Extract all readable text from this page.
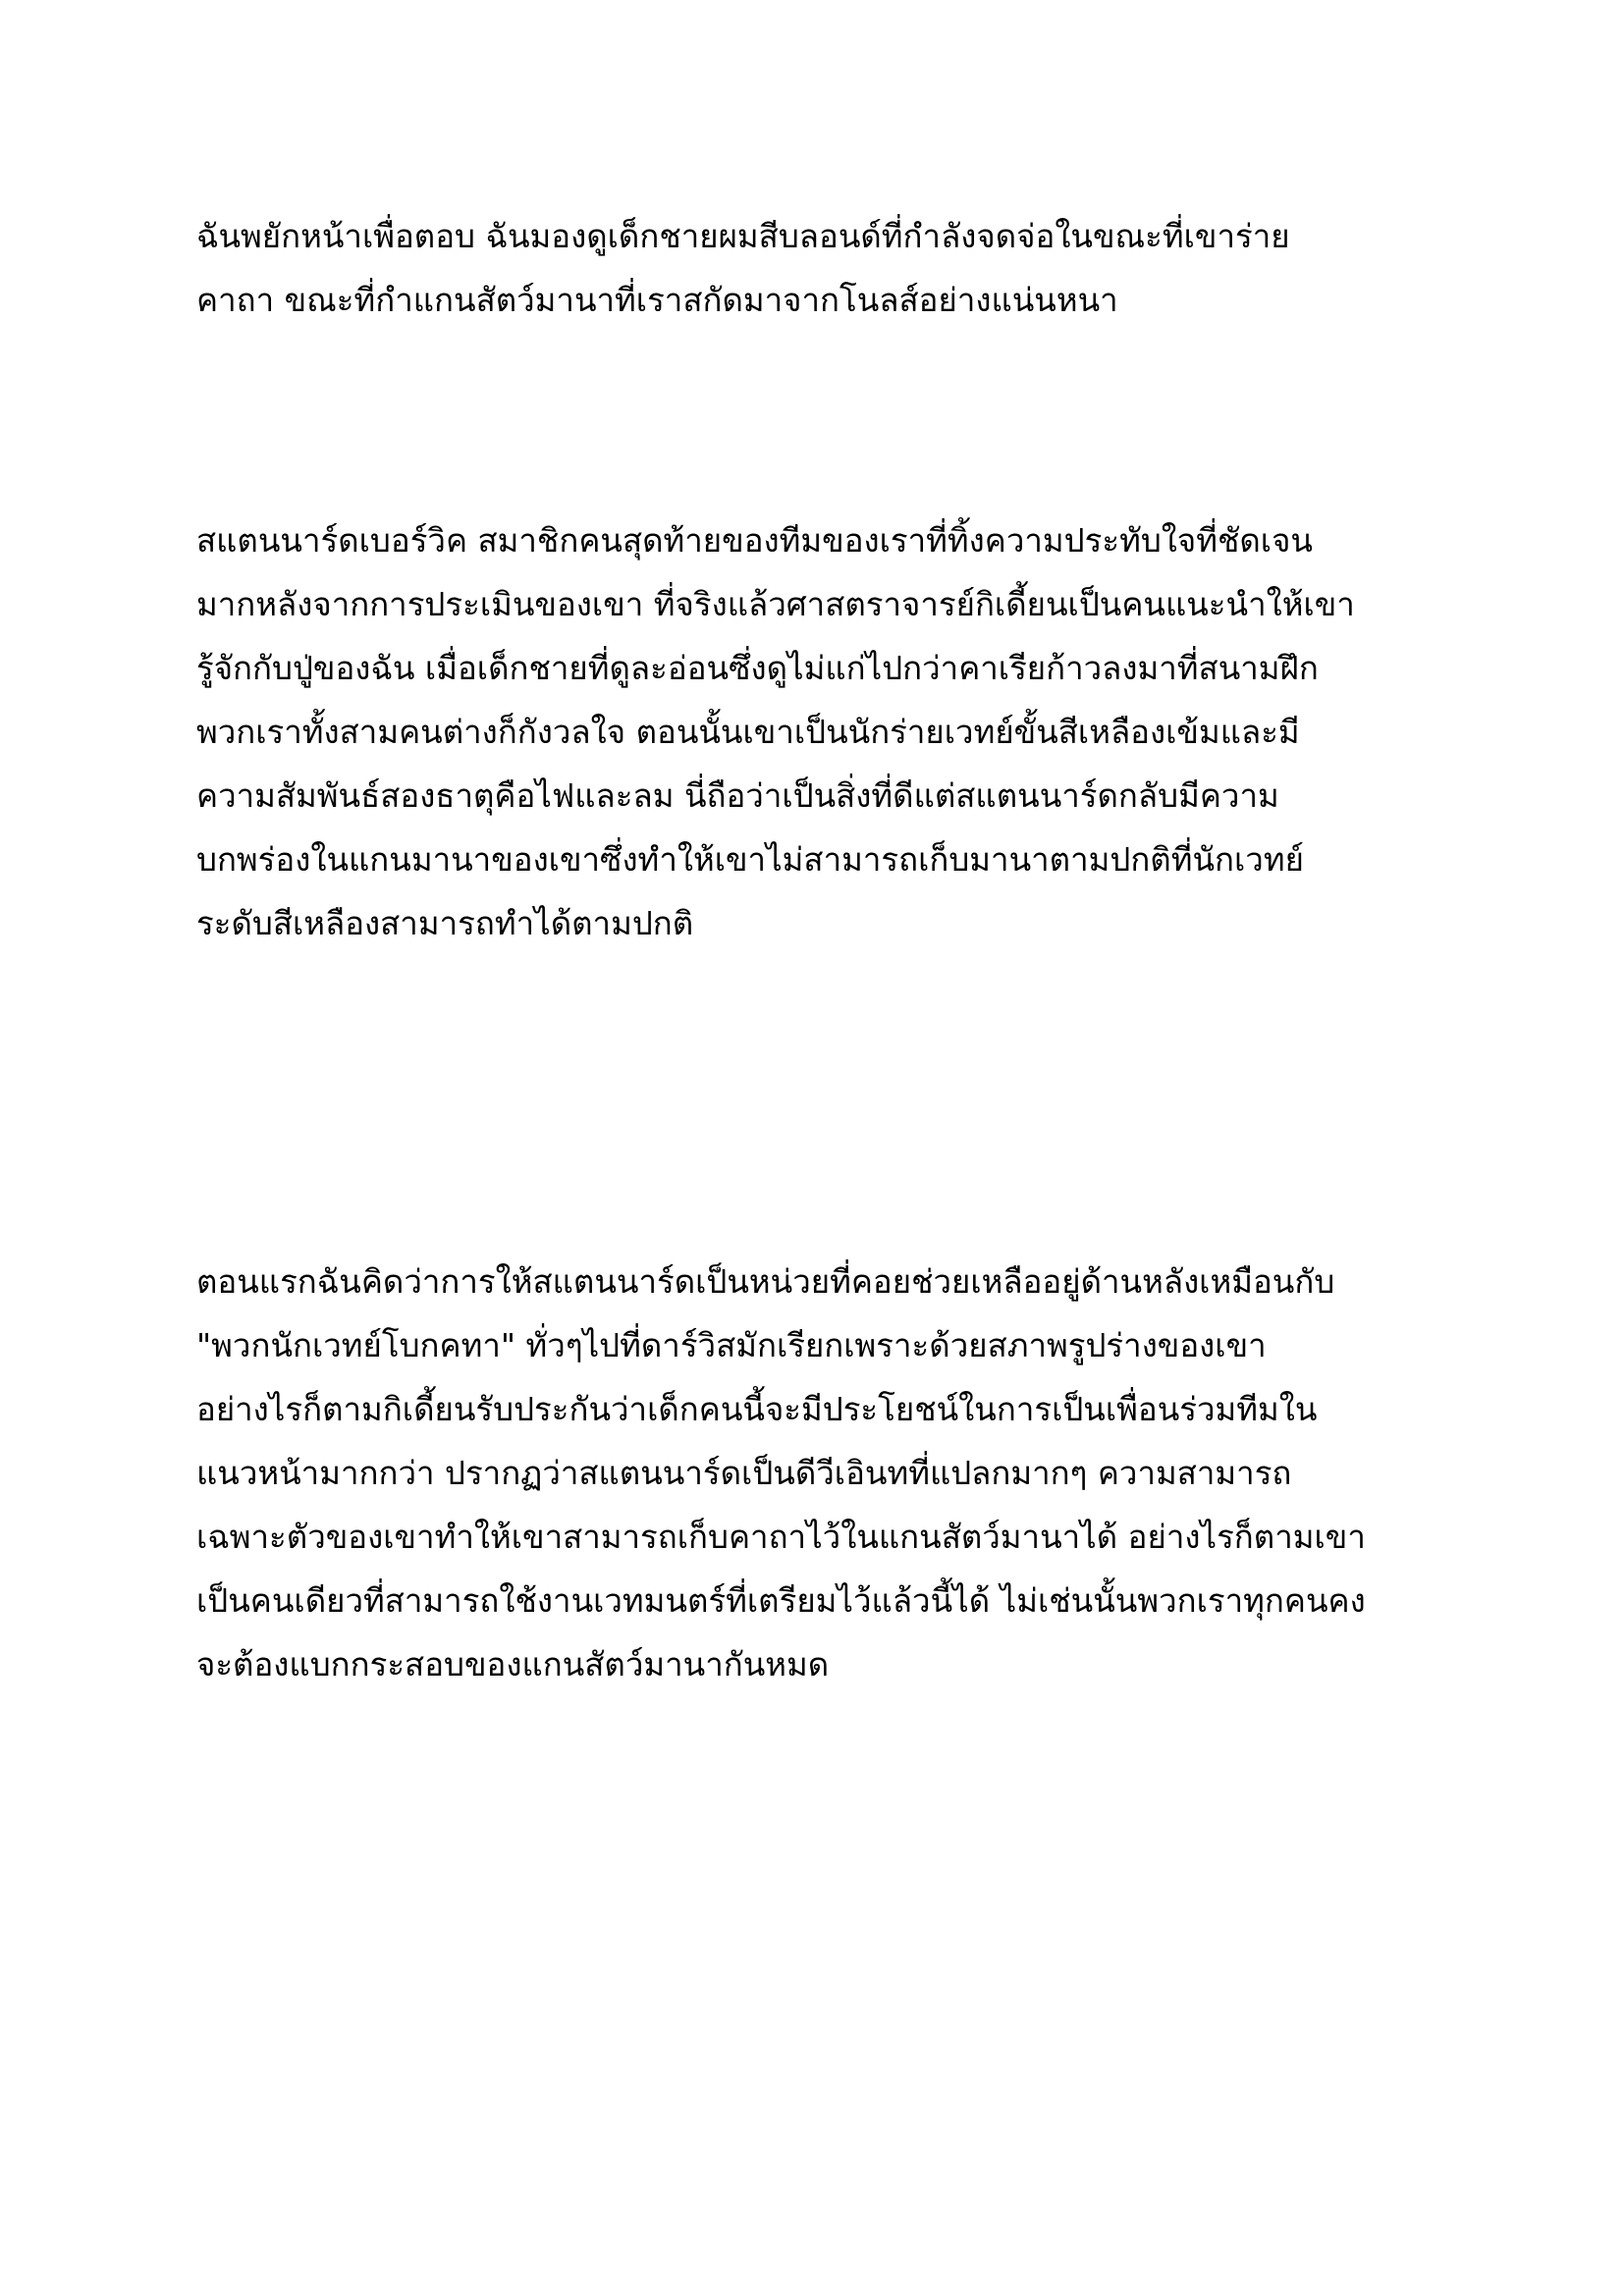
ฉันพยักหน้าเพื่อตอบ ฉันมองดูเด็กชายผมสีบลอนด์ที่กำลังจดจ่อในขณะที่เขาร่าย
คาถา ขณะที่กำแกนสัตว์มานาที่เราสกัดมาจากโนลส์อย่างแน่นหนา

สแตนนาร์ดเบอร์วิค สมาชิกคนสุดท้ายของทีมของเราที่ทิ้งความประทับใจที่ชัดเจน
มากหลังจากการประเมินของเขา ที่จริงแล้วศาสตราจารย์กิเดี้ยนเป็นคนแนะนำให้เขา
รู้จักกับปู่ของฉัน เมื่อเด็กชายที่ดูละอ่อนซึ่งดูไม่แก่ไปกว่าคาเรียก้าวลงมาที่สนามฝึก
พวกเราทั้งสามคนต่างก็กังวลใจ ตอนนั้นเขาเป็นนักร่ายเวทย์ขั้นสีเหลืองเข้มและมี
ความสัมพันธ์สองธาตุคือไฟและลม นี่ถือว่าเป็นสิ่งที่ดีแต่สแตนนาร์ดกลับมีความ
บกพร่องในแกนมานาของเขาซึ่งทำให้เขาไม่สามารถเก็บมานาตามปกติที่นักเวทย์
ระดับสีเหลืองสามารถทำได้ตามปกติ

ตอนแรกฉันคิดว่าการให้สแตนนาร์ดเป็นหน่วยที่คอยช่วยเหลืออยู่ด้านหลังเหมือนกับ
"พวกนักเวทย์โบกคทา" ทั่วๆไปที่ดาร์วิสมักเรียกเพราะด้วยสภาพรูปร่างของเขา
อย่างไรก็ตามกิเดี้ยนรับประกันว่าเด็กคนนี้จะมีประโยชน์ในการเป็นเพื่อนร่วมทีมใน
แนวหน้ามากกว่า ปรากฏว่าสแตนนาร์ดเป็นดีวีเอินทที่แปลกมากๆ ความสามารถ
เฉพาะตัวของเขาทำให้เขาสามารถเก็บคาถาไว้ในแกนสัตว์มานาได้ อย่างไรก็ตามเขา
เป็นคนเดียวที่สามารถใช้งานเวทมนตร์ที่เตรียมไว้แล้วนี้ได้ ไม่เช่นนั้นพวกเราทุกคนคง
จะต้องแบกกระสอบของแกนสัตว์มานากันหมด
